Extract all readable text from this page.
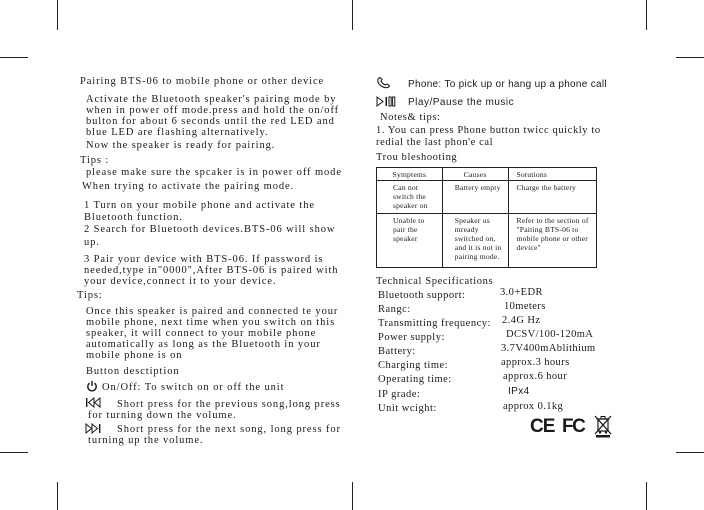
Pairing BTS-06 to mobile phone or other device
Activate the Bluetooth speaker's pairing mode by
when in power off mode.press and hold the on/off
bulton for about 6 seconds until the red LED and
blue LED are flashing alternatively.
Now the speaker is ready for pairing.
Tips :
please make sure the spcaker is in power off mode
When trying to activate the pairing mode.
1 Turn on your mobile phone and activate the
Bluetooth function.
2 Search for Bluetooth devices.BTS-06 will show
up.
3 Pair your device with BTS-06. If password is
needed,type in"0000",After BTS-06 is paired with
your device,connect it to your device.
Tips:
Once this speaker is paired and connected te your
mobile phone, next time when you switch on this
speaker, it will connect to your mobile phone
automatically as long as the Bluetooth in your
mobile phone is on
Button desctiption
On/Off: To switch on or off the unit
Short press for the previous song,long press
for turning down the volume.
Short press for the next song, long press for
turning up the volume.
Phone: To pick up or hang up a phone call
Play/Pause the music
Notes& tips:
1. You can press Phone button twicc quickly to
redial the last phon'e cal
Trou bleshooting
Symptems	Causes	Sotutions
Can not switch the speaker on	Battery empty	Charge the battery
Unable to pair the speaker	Speaker us mready switched on, and it is not in pairing mode.	Refer to the section of "Paiting BTS-06 to mobile phone or other device"
Technical Specifications
Bluetooth support:	3.0+EDR
Rangc:	10meters
Transmitting frequency: 2.4G Hz
Power supply:	DCSV/100-120mA
Battery:	3.7V400mAblithium
Charging time:	approx.3 hours
Operating time:	approx.6 hour
IP grade:	IPx4
Unit wcight:	approx 0.1kg
CE FC
